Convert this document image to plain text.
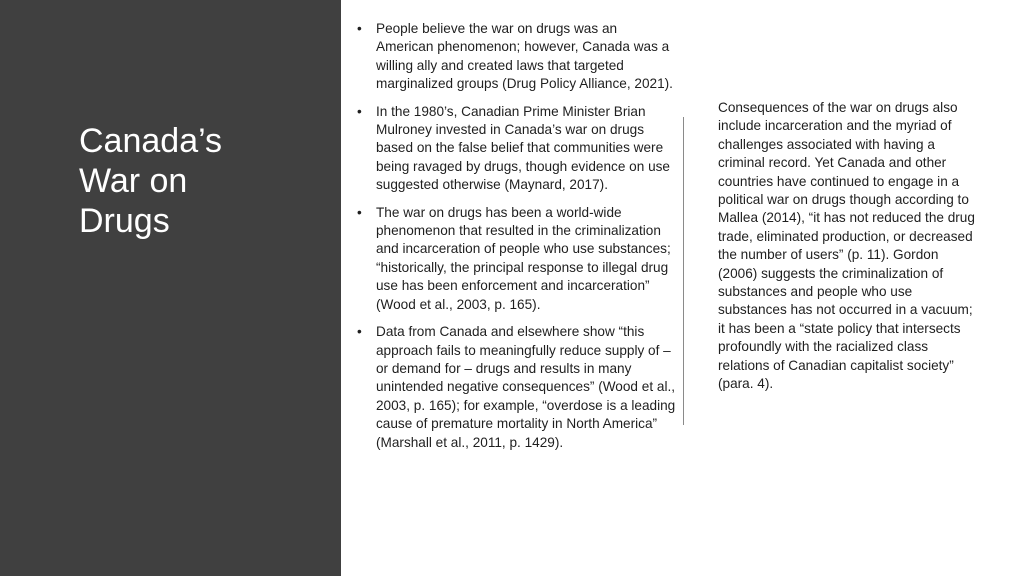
Canada’s
War on
Drugs
• People believe the war on drugs was an American phenomenon; however, Canada was a willing ally and created laws that targeted marginalized groups (Drug Policy Alliance, 2021).
• In the 1980’s, Canadian Prime Minister Brian Mulroney invested in Canada’s war on drugs based on the false belief that communities were being ravaged by drugs, though evidence on use suggested otherwise (Maynard, 2017).
• The war on drugs has been a world-wide phenomenon that resulted in the criminalization and incarceration of people who use substances; “historically, the principal response to illegal drug use has been enforcement and incarceration” (Wood et al., 2003, p. 165).
• Data from Canada and elsewhere show “this approach fails to meaningfully reduce supply of – or demand for – drugs and results in many unintended negative consequences” (Wood et al., 2003, p. 165); for example, “overdose is a leading cause of premature mortality in North America” (Marshall et al., 2011, p. 1429).

Consequences of the war on drugs also include incarceration and the myriad of challenges associated with having a criminal record. Yet Canada and other countries have continued to engage in a political war on drugs though according to Mallea (2014), “it has not reduced the drug trade, eliminated production, or decreased the number of users” (p. 11). Gordon (2006) suggests the criminalization of substances and people who use substances has not occurred in a vacuum; it has been a “state policy that intersects profoundly with the racialized class relations of Canadian capitalist society” (para. 4).
